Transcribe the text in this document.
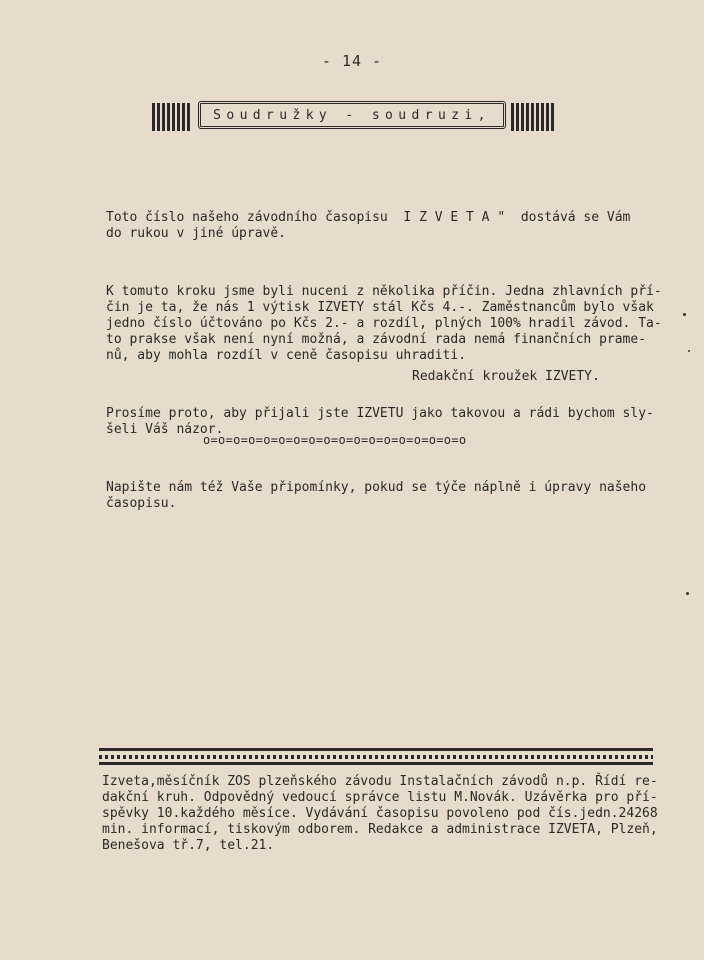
- 14 -
Soudružky - soudruzi,

Toto číslo našeho závodního časopisu  I Z V E T A "  dostává se Vám
do rukou v jiné úpravě.

K tomuto kroku jsme byli nuceni z několika příčin. Jedna zhlavních pří-
čin je ta, že nás 1 výtisk IZVETY stál Kčs 4.-. Zaměstnancům bylo však
jedno číslo účtováno po Kčs 2.- a rozdíl, plných 100% hradil závod. Ta-
to prakse však není nyní možná, a závodní rada nemá finančních prame-
nů, aby mohla rozdíl v ceně časopisu uhraditi.

Prosíme proto, aby přijali jste IZVETU jako takovou a rádi bychom sly-
šeli Váš názor.

Napište nám též Vaše připomínky, pokud se týče náplně i úpravy našeho
časopisu.

Redakční kroužek IZVETY.
o=o=o=o=o=o=o=o=o=o=o=o=o=o=o=o=o=o
Izveta,měsíčník ZOS plzeňského závodu Instalačních závodů n.p. Řídí re-
dakční kruh. Odpovědný vedoucí správce listu M.Novák. Uzávěrka pro pří-
spěvky 10.každého měsíce. Vydávání časopisu povoleno pod čís.jedn.24268
min. informací, tiskovým odborem. Redakce a administrace IZVETA, Plzeň,
Benešova tř.7, tel.21.
